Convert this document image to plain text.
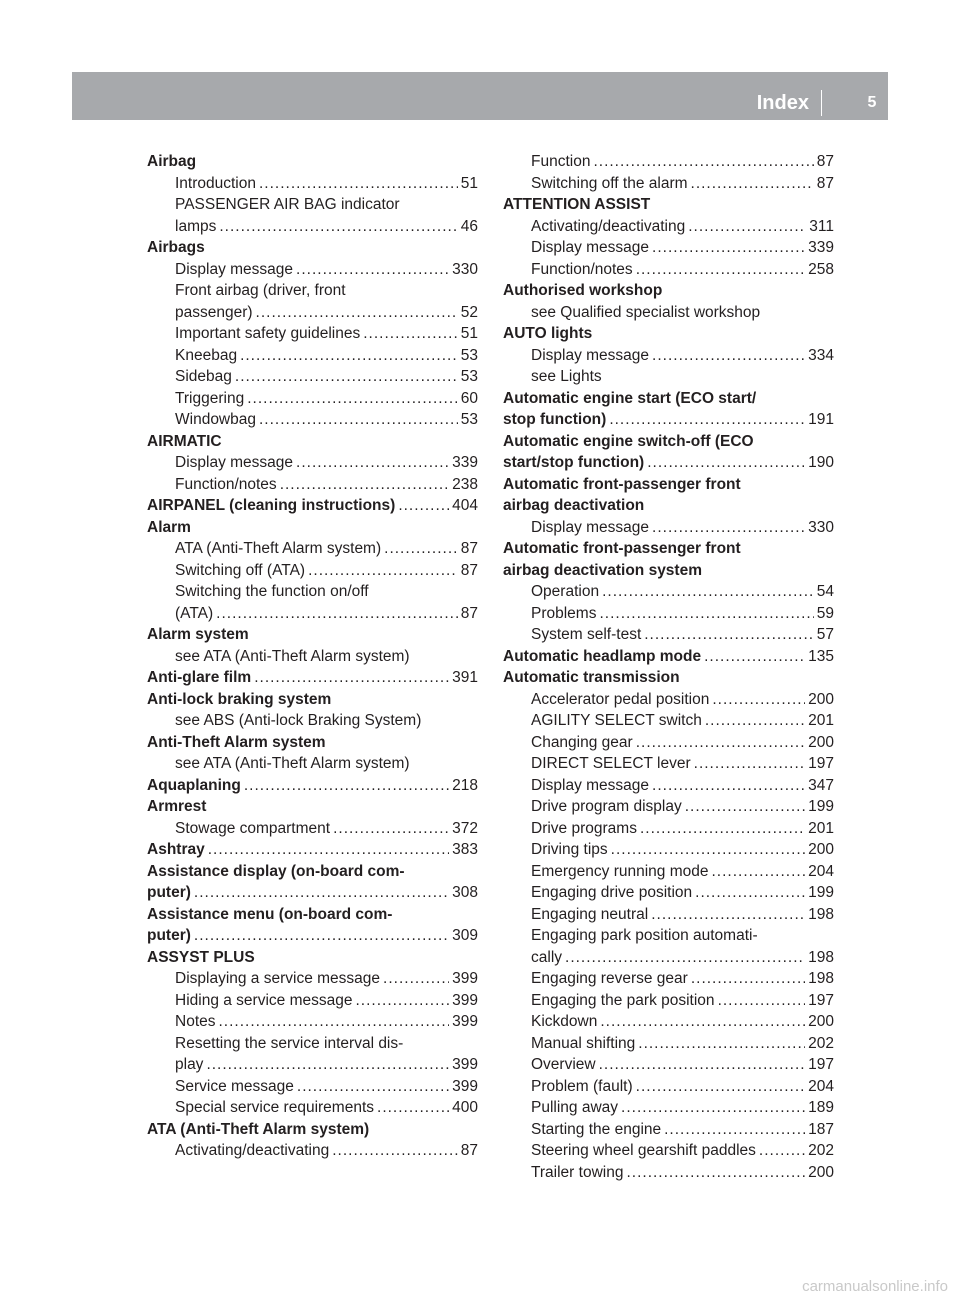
Index	5
Airbag
Introduction .....	51
PASSENGER AIR BAG indicator
lamps .....	46
Airbags
Display message .....	330
Front airbag (driver, front
passenger) .....	52
Important safety guidelines .....	51
Kneebag .....	53
Sidebag .....	53
Triggering .....	60
Windowbag .....	53
AIRMATIC
Display message .....	339
Function/notes .....	238
AIRPANEL (cleaning instructions) .....	404
Alarm
ATA (Anti-Theft Alarm system) .....	87
Switching off (ATA) .....	87
Switching the function on/off
(ATA) .....	87
Alarm system
see ATA (Anti-Theft Alarm system)
Anti-glare film .....	391
Anti-lock braking system
see ABS (Anti-lock Braking System)
Anti-Theft Alarm system
see ATA (Anti-Theft Alarm system)
Aquaplaning .....	218
Armrest
Stowage compartment .....	372
Ashtray .....	383
Assistance display (on-board com-
puter) .....	308
Assistance menu (on-board com-
puter) .....	309
ASSYST PLUS
Displaying a service message .....	399
Hiding a service message .....	399
Notes .....	399
Resetting the service interval dis-
play .....	399
Service message .....	399
Special service requirements .....	400
ATA (Anti-Theft Alarm system)
Activating/deactivating .....	87
Function .....	87
Switching off the alarm .....	87
ATTENTION ASSIST
Activating/deactivating .....	311
Display message .....	339
Function/notes .....	258
Authorised workshop
see Qualified specialist workshop
AUTO lights
Display message .....	334
see Lights
Automatic engine start (ECO start/
stop function) .....	191
Automatic engine switch-off (ECO
start/stop function) .....	190
Automatic front-passenger front
airbag deactivation
Display message .....	330
Automatic front-passenger front
airbag deactivation system
Operation .....	54
Problems .....	59
System self-test .....	57
Automatic headlamp mode .....	135
Automatic transmission
Accelerator pedal position .....	200
AGILITY SELECT switch .....	201
Changing gear .....	200
DIRECT SELECT lever .....	197
Display message .....	347
Drive program display .....	199
Drive programs .....	201
Driving tips .....	200
Emergency running mode .....	204
Engaging drive position .....	199
Engaging neutral .....	198
Engaging park position automati-
cally .....	198
Engaging reverse gear .....	198
Engaging the park position .....	197
Kickdown .....	200
Manual shifting .....	202
Overview .....	197
Problem (fault) .....	204
Pulling away .....	189
Starting the engine .....	187
Steering wheel gearshift paddles .....	202
Trailer towing .....	200
carmanualsonline.info
